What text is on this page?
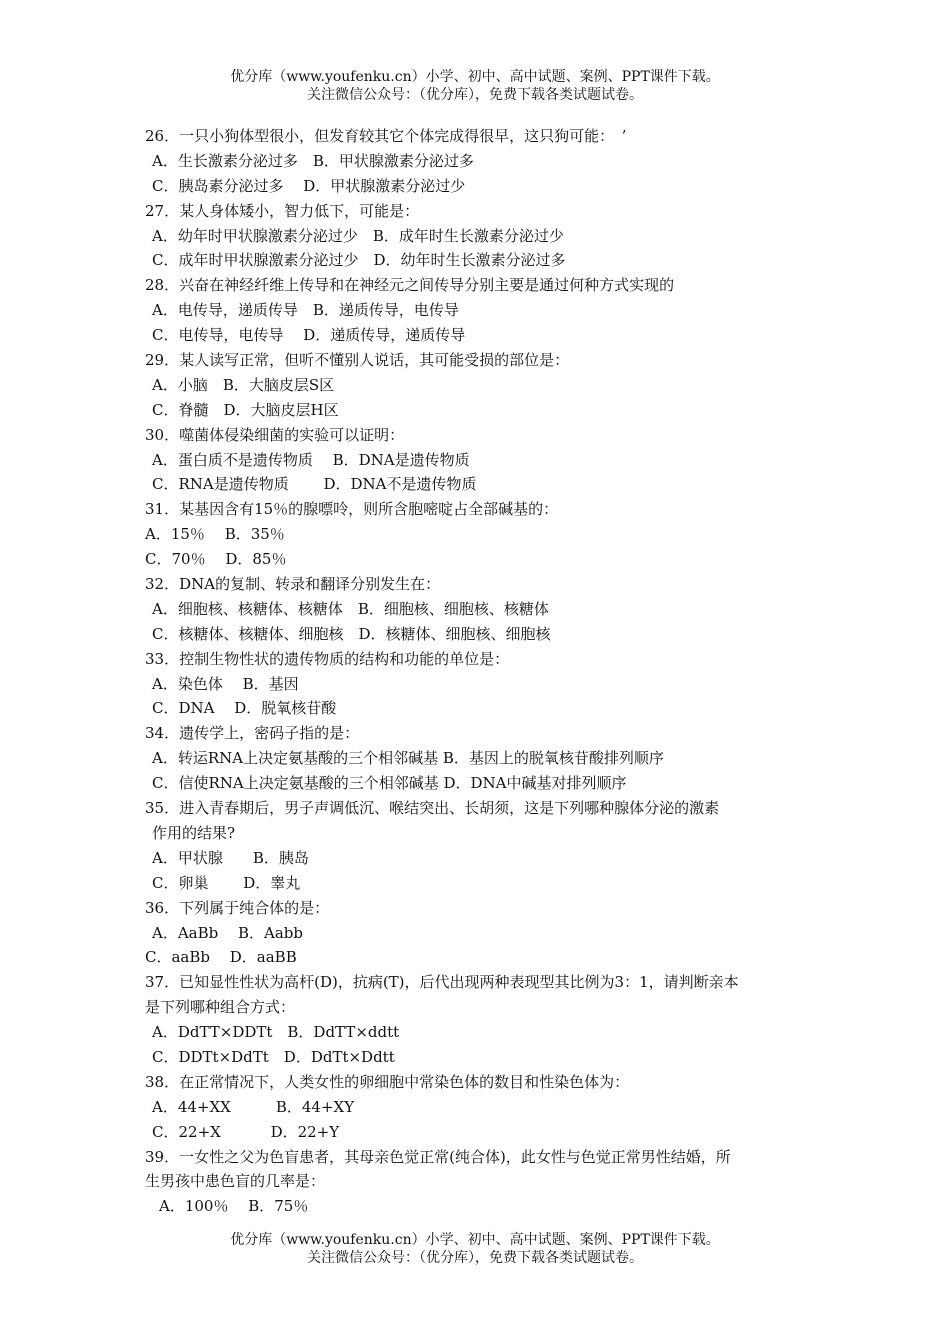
优分库（www.youfenku.cn）小学、初中、高中试题、案例、PPT课件下载。
关注微信公众号：（优分库），免费下载各类试题试卷。
26．一只小狗体型很小，但发育较其它个体完成得很早，这只狗可能：　’
A．生长激素分泌过多　B．甲状腺激素分泌过多
C．胰岛素分泌过多　 D．甲状腺激素分泌过少
27．某人身体矮小，智力低下，可能是：
A．幼年时甲状腺激素分泌过少　B．成年时生长激素分泌过少
C．成年时甲状腺激素分泌过少　D．幼年时生长激素分泌过多
28．兴奋在神经纤维上传导和在神经元之间传导分别主要是通过何种方式实现的
A．电传导，递质传导　B．递质传导，电传导
C．电传导，电传导　 D．递质传导，递质传导
29．某人读写正常，但听不懂别人说话，其可能受损的部位是：
A．小脑　B．大脑皮层S区
C．脊髓　D．大脑皮层H区
30．噬菌体侵染细菌的实验可以证明：
A．蛋白质不是遗传物质　 B．DNA是遗传物质
C．RNA是遗传物质　　 D．DNA不是遗传物质
31．某基因含有15％的腺嘌呤，则所含胞嘧啶占全部碱基的：
A．15％　 B．35％
C．70％　 D．85％
32．DNA的复制、转录和翻译分别发生在：
A．细胞核、核糖体、核糖体　B．细胞核、细胞核、核糖体
C．核糖体、核糖体、细胞核　D．核糖体、细胞核、细胞核
33．控制生物性状的遗传物质的结构和功能的单位是：
A．染色体　 B．基因
C．DNA　 D．脱氧核苷酸
34．遗传学上，密码子指的是：
A．转运RNA上决定氨基酸的三个相邻碱基 B．基因上的脱氧核苷酸排列顺序
C．信使RNA上决定氨基酸的三个相邻碱基 D．DNA中碱基对排列顺序
35．进入青春期后，男子声调低沉、喉结突出、长胡须，这是下列哪种腺体分泌的激素
作用的结果?
A．甲状腺　　B．胰岛
C．卵巢　　 D．睾丸
36．下列属于纯合体的是：
A．AaBb　 B．Aabb
C．aaBb　 D．aaBB
37．已知显性性状为高杆(D)，抗病(T)，后代出现两种表现型其比例为3：1，请判断亲本
是下列哪种组合方式：
A．DdTT×DDTt　B．DdTT×ddtt
C．DDTt×DdTt　D．DdTt×Ddtt
38．在正常情况下，人类女性的卵细胞中常染色体的数目和性染色体为：
A．44+XX　　　B．44+XY
C．22+X　　　 D．22+Y
39．一女性之父为色盲患者，其母亲色觉正常(纯合体)，此女性与色觉正常男性结婚，所
生男孩中患色盲的几率是：
A．100％　 B．75％
优分库（www.youfenku.cn）小学、初中、高中试题、案例、PPT课件下载。
关注微信公众号：（优分库），免费下载各类试题试卷。
